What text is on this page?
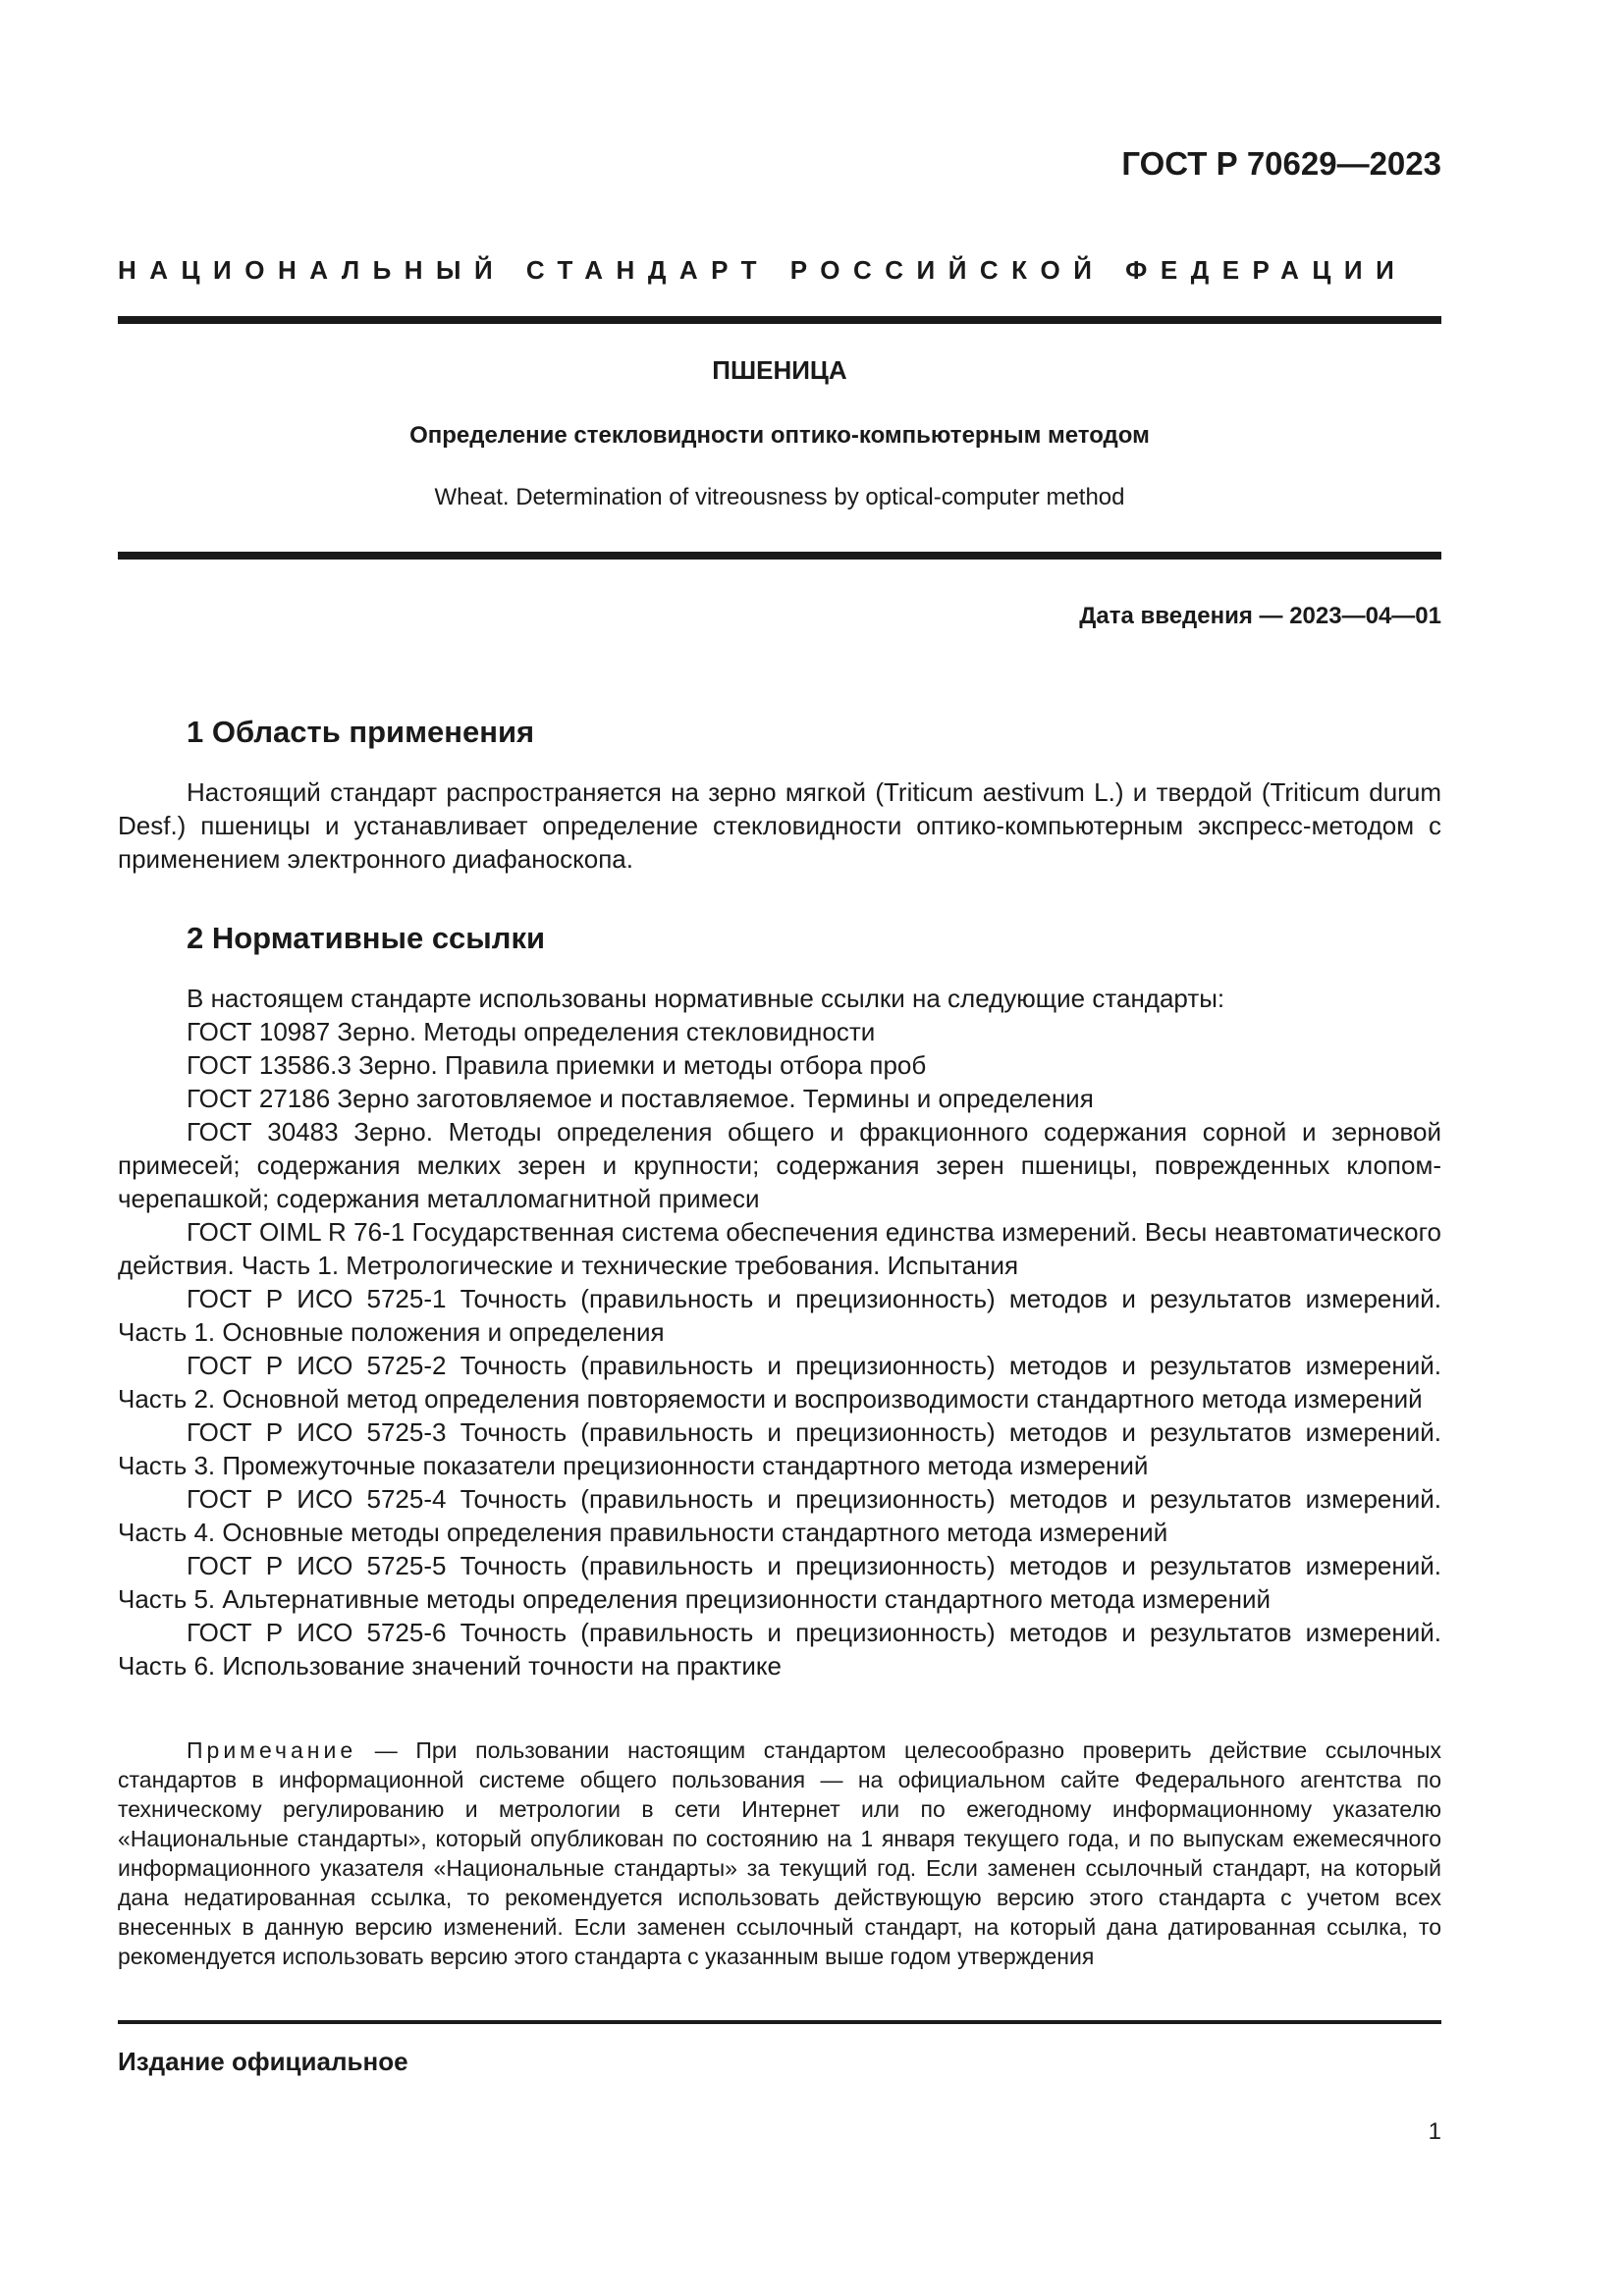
ГОСТ Р 70629—2023
НАЦИОНАЛЬНЫЙ СТАНДАРТ РОССИЙСКОЙ ФЕДЕРАЦИИ
ПШЕНИЦА
Определение стекловидности оптико-компьютерным методом
Wheat. Determination of vitreousness by optical-computer method
Дата введения — 2023—04—01
1 Область применения

Настоящий стандарт распространяется на зерно мягкой (Triticum aestivum L.) и твердой (Triticum durum Desf.) пшеницы и устанавливает определение стекловидности оптико-компьютерным экспресс-методом с применением электронного диафаноскопа.

2 Нормативные ссылки

В настоящем стандарте использованы нормативные ссылки на следующие стандарты:

ГОСТ 10987 Зерно. Методы определения стекловидности

ГОСТ 13586.3 Зерно. Правила приемки и методы отбора проб

ГОСТ 27186 Зерно заготовляемое и поставляемое. Термины и определения

ГОСТ 30483 Зерно. Методы определения общего и фракционного содержания сорной и зерновой примесей; содержания мелких зерен и крупности; содержания зерен пшеницы, поврежденных клопом-черепашкой; содержания металломагнитной примеси

ГОСТ OIML R 76-1 Государственная система обеспечения единства измерений. Весы неавтоматического действия. Часть 1. Метрологические и технические требования. Испытания

ГОСТ Р ИСО 5725-1 Точность (правильность и прецизионность) методов и результатов измерений. Часть 1. Основные положения и определения

ГОСТ Р ИСО 5725-2 Точность (правильность и прецизионность) методов и результатов измерений. Часть 2. Основной метод определения повторяемости и воспроизводимости стандартного метода измерений

ГОСТ Р ИСО 5725-3 Точность (правильность и прецизионность) методов и результатов измерений. Часть 3. Промежуточные показатели прецизионности стандартного метода измерений

ГОСТ Р ИСО 5725-4 Точность (правильность и прецизионность) методов и результатов измерений. Часть 4. Основные методы определения правильности стандартного метода измерений

ГОСТ Р ИСО 5725-5 Точность (правильность и прецизионность) методов и результатов измерений. Часть 5. Альтернативные методы определения прецизионности стандартного метода измерений

ГОСТ Р ИСО 5725-6 Точность (правильность и прецизионность) методов и результатов измерений. Часть 6. Использование значений точности на практике

Примечание — При пользовании настоящим стандартом целесообразно проверить действие ссылочных стандартов в информационной системе общего пользования — на официальном сайте Федерального агентства по техническому регулированию и метрологии в сети Интернет или по ежегодному информационному указателю «Национальные стандарты», который опубликован по состоянию на 1 января текущего года, и по выпускам ежемесячного информационного указателя «Национальные стандарты» за текущий год. Если заменен ссылочный стандарт, на который дана недатированная ссылка, то рекомендуется использовать действующую версию этого стандарта с учетом всех внесенных в данную версию изменений. Если заменен ссылочный стандарт, на который дана датированная ссылка, то рекомендуется использовать версию этого стандарта с указанным выше годом утверждения

Издание официальное
1
